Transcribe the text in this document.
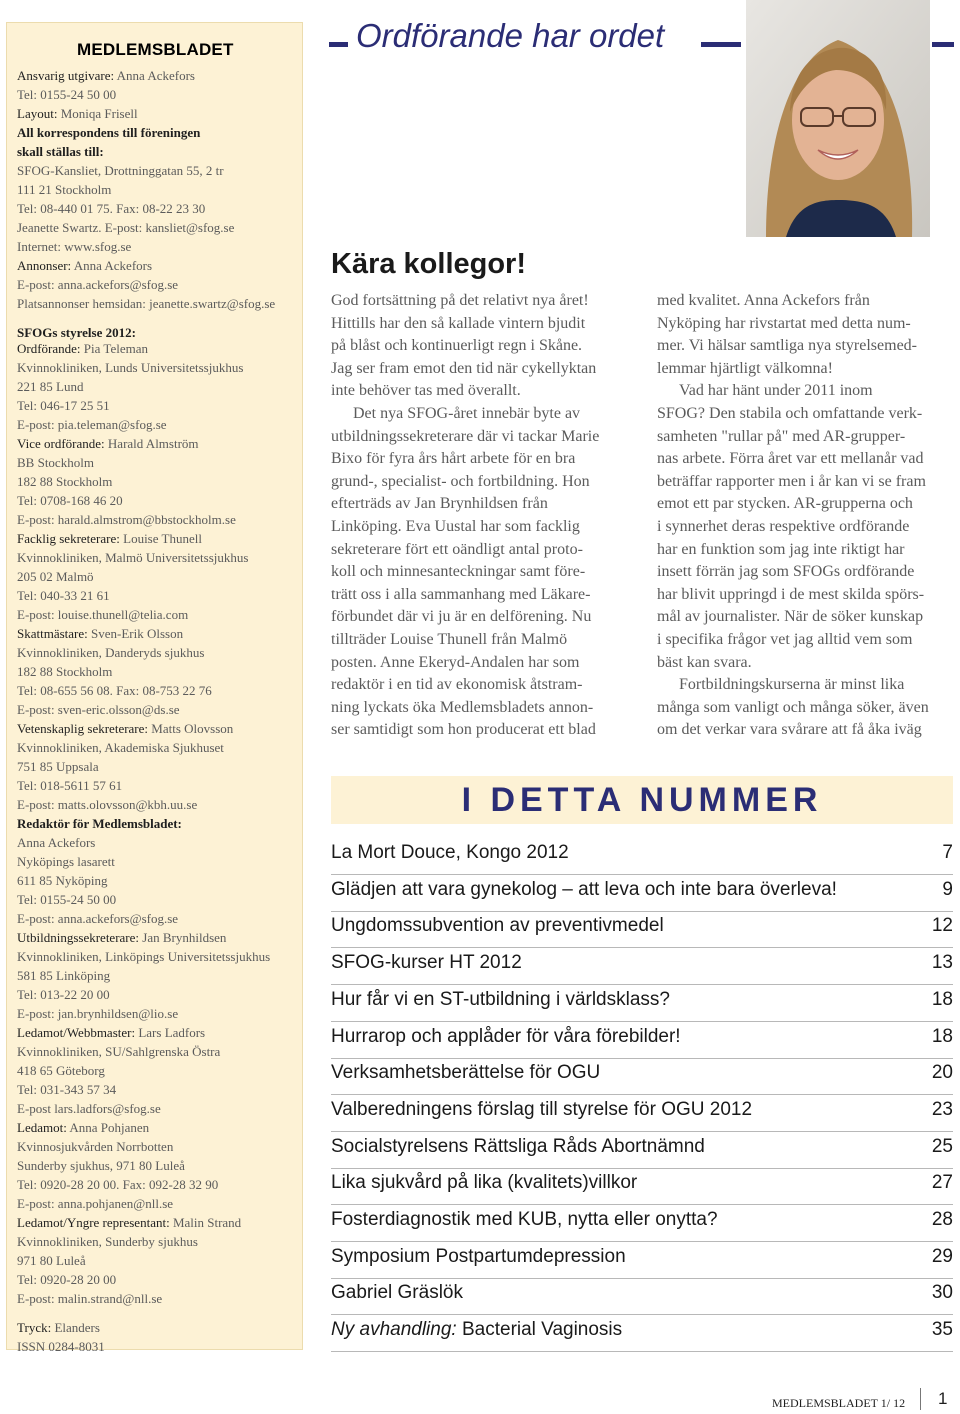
MEDLEMSBLADET
Ansvarig utgivare: Anna Ackefors
Tel: 0155-24 50 00
Layout: Moniqa Frisell
All korrespondens till föreningen
skall ställas till:
SFOG-Kansliet, Drottninggatan 55, 2 tr
111 21 Stockholm
Tel: 08-440 01 75. Fax: 08-22 23 30
Jeanette Swartz. E-post: kansliet@sfog.se
Internet: www.sfog.se
Annonser: Anna Ackefors
E-post: anna.ackefors@sfog.se
Platsannonser hemsidan: jeanette.swartz@sfog.se
SFOGs styrelse 2012:
Ordförande: Pia Teleman
Kvinnokliniken, Lunds Universitetssjukhus
221 85 Lund
Tel: 046-17 25 51
E-post: pia.teleman@sfog.se
Vice ordförande: Harald Almström
BB Stockholm
182 88 Stockholm
Tel: 0708-168 46 20
E-post: harald.almstrom@bbstockholm.se
Facklig sekreterare: Louise Thunell
Kvinnokliniken, Malmö Universitetssjukhus
205 02 Malmö
Tel: 040-33 21 61
E-post: louise.thunell@telia.com
Skattmästare: Sven-Erik Olsson
Kvinnokliniken, Danderyds sjukhus
182 88 Stockholm
Tel: 08-655 56 08. Fax: 08-753 22 76
E-post: sven-eric.olsson@ds.se
Vetenskaplig sekreterare: Matts Olovsson
Kvinnokliniken, Akademiska Sjukhuset
751 85 Uppsala
Tel: 018-5611 57 61
E-post: matts.olovsson@kbh.uu.se
Redaktör för Medlemsbladet:
Anna Ackefors
Nyköpings lasarett
611 85 Nyköping
Tel: 0155-24 50 00
E-post: anna.ackefors@sfog.se
Utbildningssekreterare: Jan Brynhildsen
Kvinnokliniken, Linköpings Universitetssjukhus
581 85 Linköping
Tel: 013-22 20 00
E-post: jan.brynhildsen@lio.se
Ledamot/Webbmaster: Lars Ladfors
Kvinnokliniken, SU/Sahlgrenska Östra
418 65 Göteborg
Tel: 031-343 57 34
E-post lars.ladfors@sfog.se
Ledamot: Anna Pohjanen
Kvinnosjukvården Norrbotten
Sunderby sjukhus, 971 80 Luleå
Tel: 0920-28 20 00. Fax: 092-28 32 90
E-post: anna.pohjanen@nll.se
Ledamot/Yngre representant: Malin Strand
Kvinnokliniken, Sunderby sjukhus
971 80 Luleå
Tel: 0920-28 20 00
E-post: malin.strand@nll.se
Tryck: Elanders
ISSN 0284-8031
Ordförande har ordet
Kära kollegor!
God fortsättning på det relativt nya året!
Hittills har den så kallade vintern bjudit
på blåst och kontinuerligt regn i Skåne.
Jag ser fram emot den tid när cykellyktan
inte behöver tas med överallt.
Det nya SFOG-året innebär byte av
utbildningssekreterare där vi tackar Marie
Bixo för fyra års hårt arbete för en bra
grund-, specialist- och fortbildning. Hon
efterträds av Jan Brynhildsen från
Linköping. Eva Uustal har som facklig
sekreterare fört ett oändligt antal proto-
koll och minnesanteckningar samt före-
trätt oss i alla sammanhang med Läkare-
förbundet där vi ju är en delförening. Nu
tillträder Louise Thunell från Malmö
posten. Anne Ekeryd-Andalen har som
redaktör i en tid av ekonomisk åtstram-
ning lyckats öka Medlemsbladets annon-
ser samtidigt som hon producerat ett blad
med kvalitet. Anna Ackefors från
Nyköping har rivstartat med detta num-
mer. Vi hälsar samtliga nya styrelsemed-
lemmar hjärtligt välkomna!
Vad har hänt under 2011 inom
SFOG? Den stabila och omfattande verk-
samheten "rullar på" med AR-grupper-
nas arbete. Förra året var ett mellanår vad
beträffar rapporter men i år kan vi se fram
emot ett par stycken. AR-grupperna och
i synnerhet deras respektive ordförande
har en funktion som jag inte riktigt har
insett förrän jag som SFOGs ordförande
har blivit uppringd i de mest skilda spörs-
mål av journalister. När de söker kunskap
i specifika frågor vet jag alltid vem som
bäst kan svara.
Fortbildningskurserna är minst lika
många som vanligt och många söker, även
om det verkar vara svårare att få åka iväg
I DETTA NUMMER
La Mort Douce, Kongo 2012	7
Glädjen att vara gynekolog – att leva och inte bara överleva!	9
Ungdomssubvention av preventivmedel	12
SFOG-kurser HT 2012	13
Hur får vi en ST-utbildning i världsklass?	18
Hurrarop och applåder för våra förebilder!	18
Verksamhetsberättelse för OGU	20
Valberedningens förslag till styrelse för OGU 2012	23
Socialstyrelsens Rättsliga Råds Abortnämnd	25
Lika sjukvård på lika (kvalitets)villkor	27
Fosterdiagnostik med KUB, nytta eller onytta?	28
Symposium Postpartumdepression	29
Gabriel Gräslök	30
Ny avhandling: Bacterial Vaginosis	35
MEDLEMSBLADET 1/ 12 1
